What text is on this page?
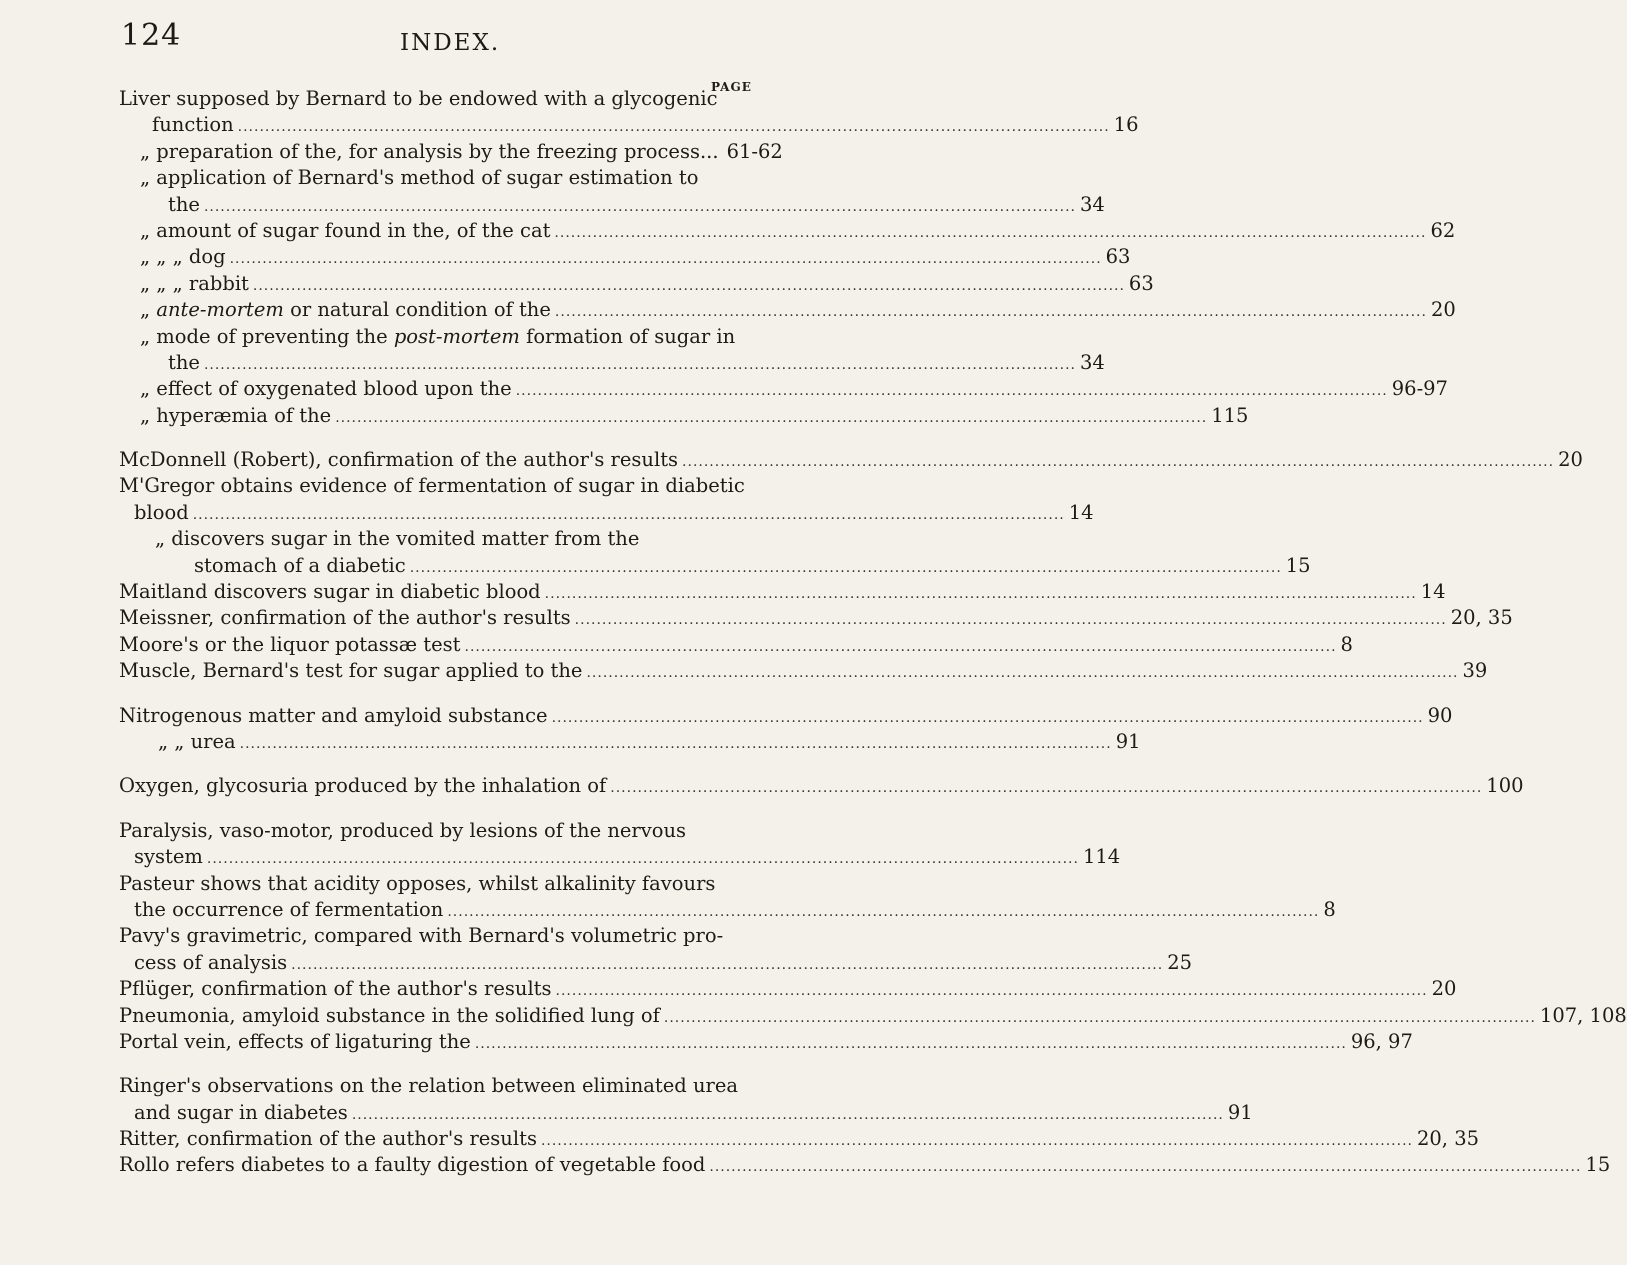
124	INDEX.
PAGE
Liver supposed by Bernard to be endowed with a glycogenic
function ................................................................................................................................................................ 16
„ preparation of the, for analysis by the freezing process... 61-62
„ application of Bernard's method of sugar estimation to
the ................................................................................................................................................................ 34
„ amount of sugar found in the, of the cat ................................................................................................................................................................ 62
„ „ „ dog ................................................................................................................................................................ 63
„ „ „ rabbit ................................................................................................................................................................ 63
„ ante-mortem or natural condition of the ................................................................................................................................................................ 20
„ mode of preventing the post-mortem formation of sugar in
the ................................................................................................................................................................ 34
„ effect of oxygenated blood upon the ................................................................................................................................................................ 96-97
„ hyperæmia of the ................................................................................................................................................................ 115
McDonnell (Robert), confirmation of the author's results ................................................................................................................................................................ 20
M'Gregor obtains evidence of fermentation of sugar in diabetic
blood ................................................................................................................................................................ 14
„ discovers sugar in the vomited matter from the
stomach of a diabetic ................................................................................................................................................................ 15
Maitland discovers sugar in diabetic blood ................................................................................................................................................................ 14
Meissner, confirmation of the author's results ................................................................................................................................................................ 20, 35
Moore's or the liquor potassæ test ................................................................................................................................................................ 8
Muscle, Bernard's test for sugar applied to the ................................................................................................................................................................ 39
Nitrogenous matter and amyloid substance ................................................................................................................................................................ 90
„ „ urea ................................................................................................................................................................ 91
Oxygen, glycosuria produced by the inhalation of ................................................................................................................................................................ 100
Paralysis, vaso-motor, produced by lesions of the nervous
system ................................................................................................................................................................ 114
Pasteur shows that acidity opposes, whilst alkalinity favours
the occurrence of fermentation ................................................................................................................................................................ 8
Pavy's gravimetric, compared with Bernard's volumetric pro-
cess of analysis ................................................................................................................................................................ 25
Pflüger, confirmation of the author's results ................................................................................................................................................................ 20
Pneumonia, amyloid substance in the solidified lung of ................................................................................................................................................................ 107, 108
Portal vein, effects of ligaturing the ................................................................................................................................................................ 96, 97
Ringer's observations on the relation between eliminated urea
and sugar in diabetes ................................................................................................................................................................ 91
Ritter, confirmation of the author's results ................................................................................................................................................................ 20, 35
Rollo refers diabetes to a faulty digestion of vegetable food ................................................................................................................................................................ 15
